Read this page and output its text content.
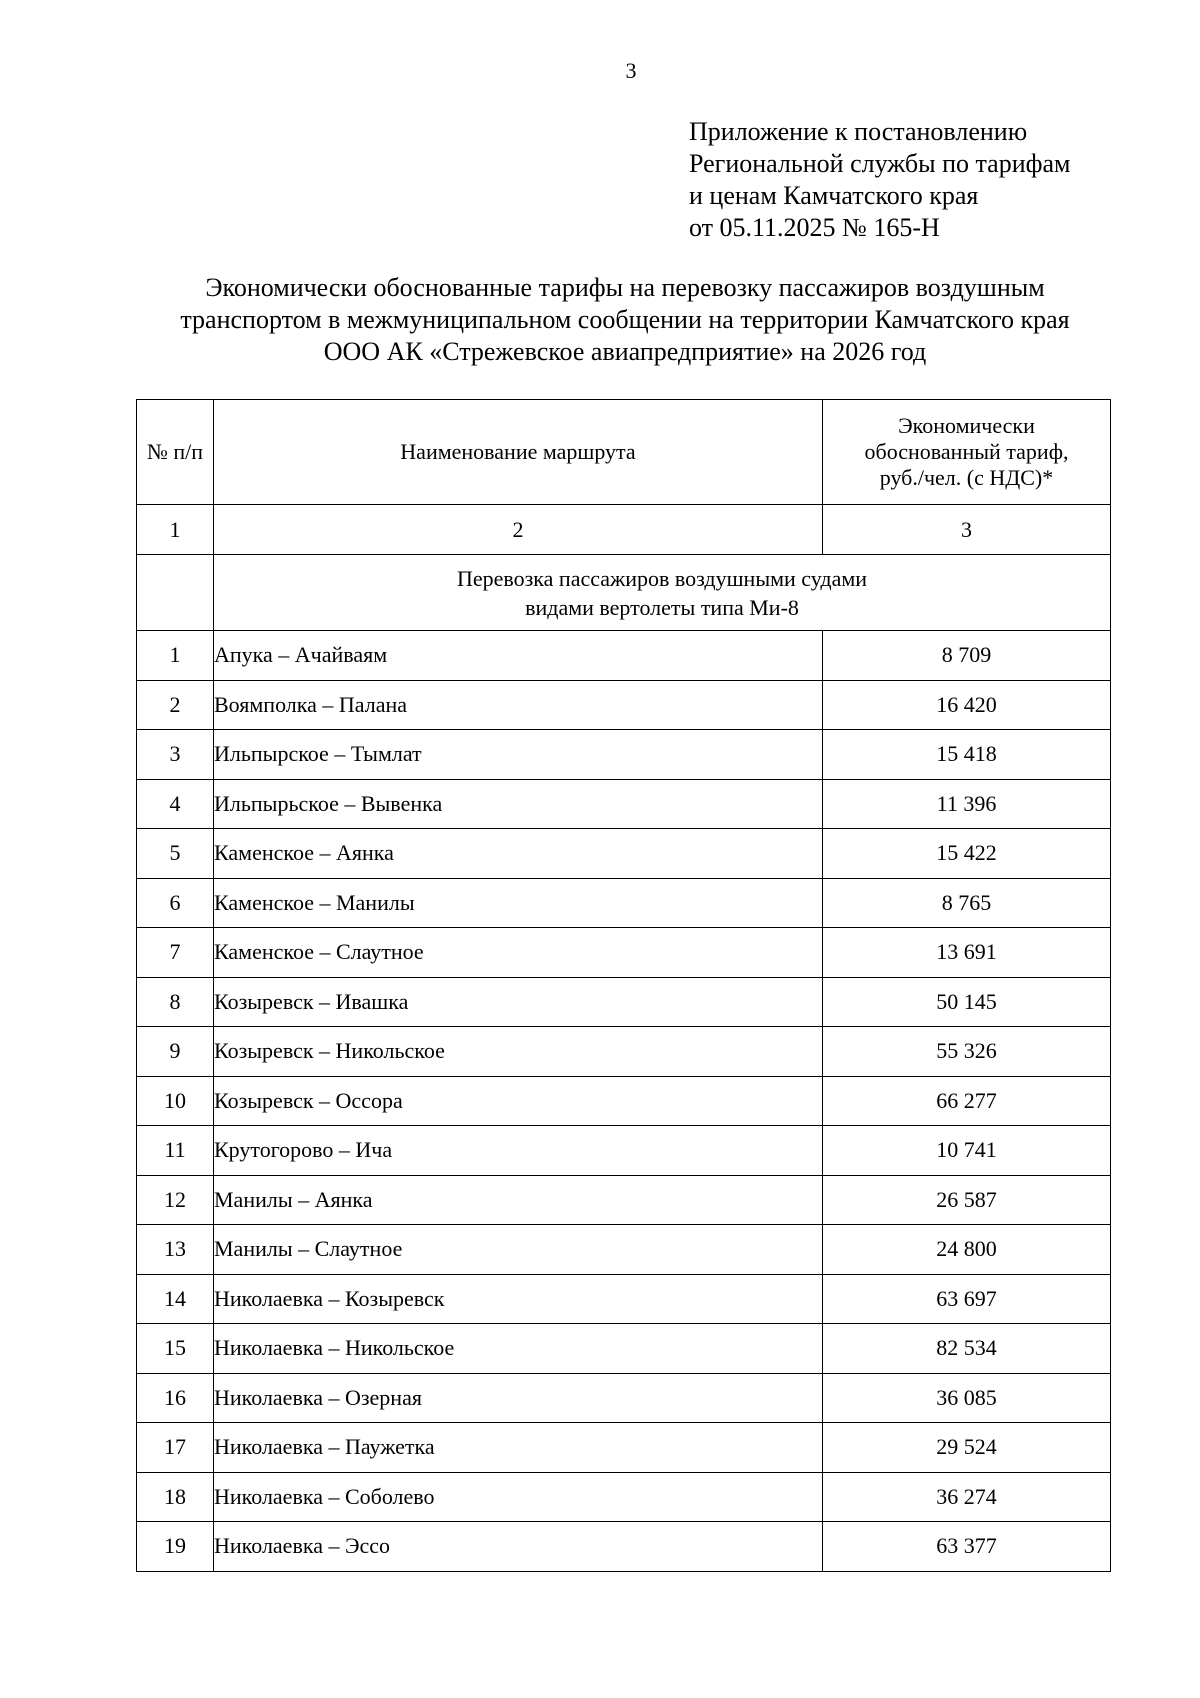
3
Приложение к постановлению
Региональной службы по тарифам
и ценам Камчатского края
от 05.11.2025 № 165-Н
Экономически обоснованные тарифы на перевозку пассажиров воздушным
транспортом в межмуниципальном сообщении на территории Камчатского края
ООО АК «Стрежевское авиапредприятие» на 2026 год
№ п/п	Наименование маршрута	Экономически
обоснованный тариф,
руб./чел. (с НДС)*

1	2	3

	Перевозка пассажиров воздушными судами
видами вертолеты типа Ми-8	

1	Апука – Ачайваям	8 709
2	Воямполка – Палана	16 420
3	Ильпырское – Тымлат	15 418
4	Ильпырьское – Вывенка	11 396
5	Каменское – Аянка	15 422
6	Каменское – Манилы	8 765
7	Каменское – Слаутное	13 691
8	Козыревск – Ивашка	50 145
9	Козыревск – Никольское	55 326
10	Козыревск – Оссора	66 277
11	Крутогорово – Ича	10 741
12	Манилы – Аянка	26 587
13	Манилы – Слаутное	24 800
14	Николаевка – Козыревск	63 697
15	Николаевка – Никольское	82 534
16	Николаевка – Озерная	36 085
17	Николаевка – Паужетка	29 524
18	Николаевка – Соболево	36 274
19	Николаевка – Эссо	63 377
